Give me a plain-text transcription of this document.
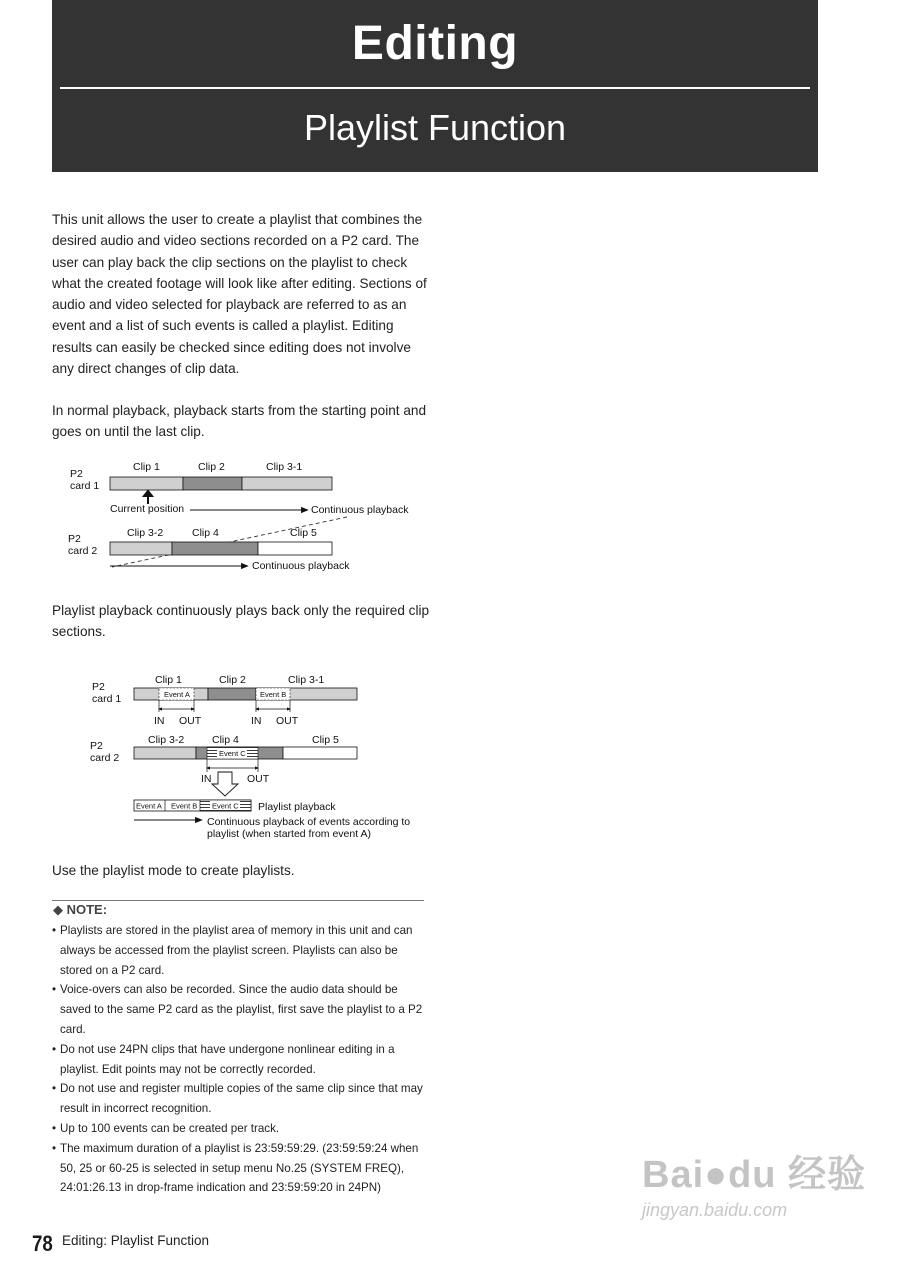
Editing
Playlist Function

This unit allows the user to create a playlist that combines the desired audio and video sections recorded on a P2 card. The user can play back the clip sections on the playlist to check what the created footage will look like after editing. Sections of audio and video selected for playback are referred to as an event and a list of such events is called a playlist. Editing results can easily be checked since editing does not involve any direct changes of clip data.

In normal playback, playback starts from the starting point and goes on until the last clip.

P2
card 1
Clip 1	Clip 2	Clip 3-1
Current position	Continuous playback
P2
card 2
Clip 3-2	Clip 4	Clip 5
Continuous playback

Playlist playback continuously plays back only the required clip sections.

P2
card 1
Clip 1	Clip 2	Clip 3-1
Event A	Event B
IN OUT	IN OUT
P2
card 2
Clip 3-2	Clip 4	Clip 5
Event C
IN	OUT
Event A Event B Event C Playlist playback
Continuous playback of events according to
playlist (when started from event A)

Use the playlist mode to create playlists.

◆ NOTE:
• Playlists are stored in the playlist area of memory in this unit and can always be accessed from the playlist screen. Playlists can also be stored on a P2 card.
• Voice-overs can also be recorded. Since the audio data should be saved to the same P2 card as the playlist, first save the playlist to a P2 card.
• Do not use 24PN clips that have undergone nonlinear editing in a playlist. Edit points may not be correctly recorded.
• Do not use and register multiple copies of the same clip since that may result in incorrect recognition.
• Up to 100 events can be created per track.
• The maximum duration of a playlist is 23:59:59:29. (23:59:59:24 when 50, 25 or 60-25 is selected in setup menu No.25 (SYSTEM FREQ), 24:01:26.13 in drop-frame indication and 23:59:59:20 in 24PN)
78 Editing: Playlist Function
Bai●du 经验
jingyan.baidu.com
